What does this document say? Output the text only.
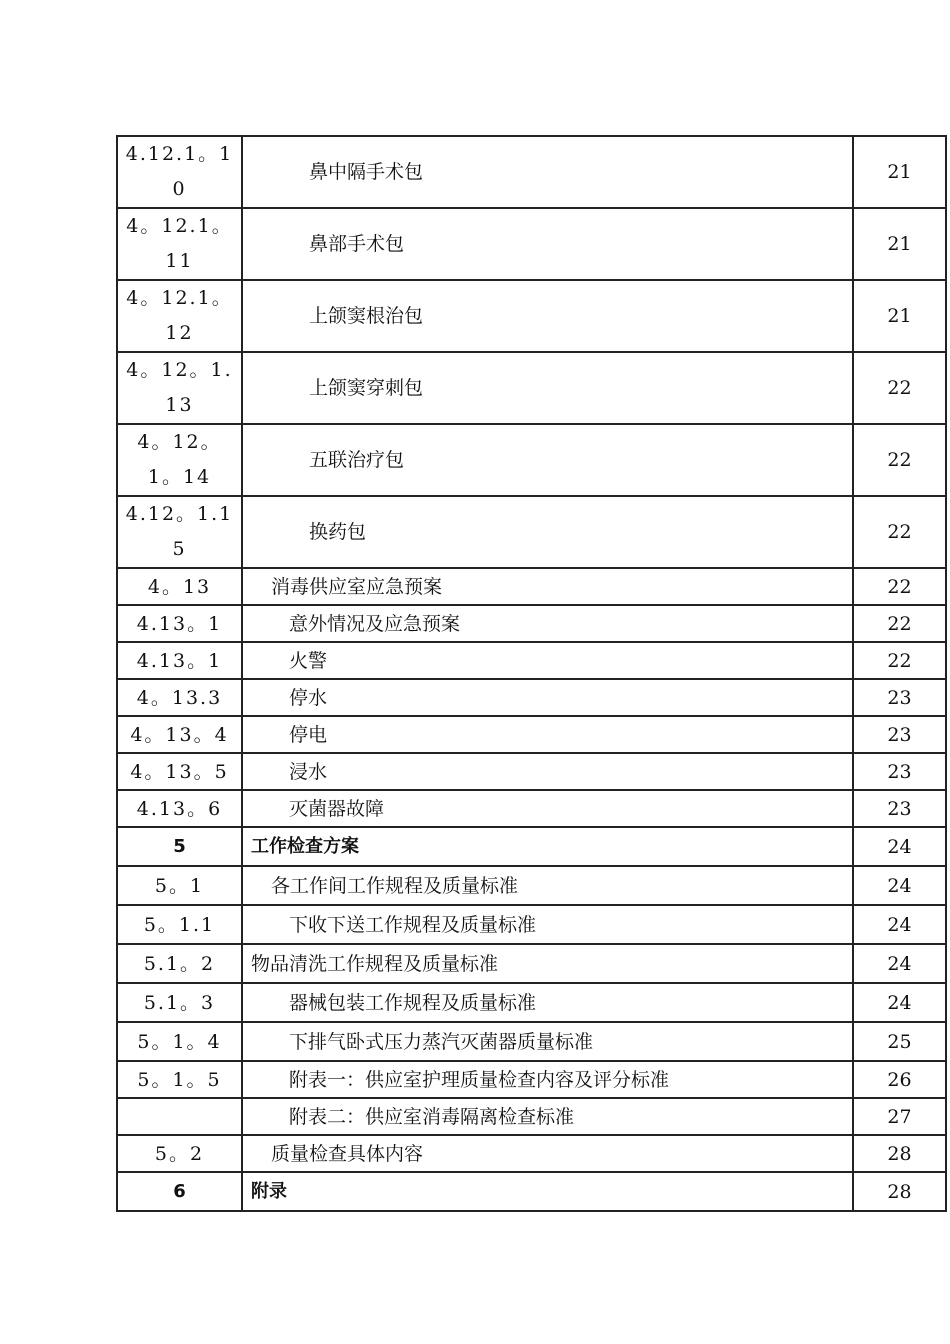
4.12.1。10	鼻中隔手术包	21
4。12.1。11	鼻部手术包	21
4。12.1。12	上颌窦根治包	21
4。12。1.13	上颌窦穿刺包	22
4。12。1。14	五联治疗包	22
4.12。1.15	换药包	22
4。13	消毒供应室应急预案	22
4.13。1	意外情况及应急预案	22
4.13。1	火警	22
4。13.3	停水	23
4。13。4	停电	23
4。13。5	浸水	23
4.13。6	灭菌器故障	23
5	工作检查方案	24
5。1	各工作间工作规程及质量标准	24
5。1.1	下收下送工作规程及质量标准	24
5.1。2	物品清洗工作规程及质量标准	24
5.1。3	器械包装工作规程及质量标准	24
5。1。4	下排气卧式压力蒸汽灭菌器质量标准	25
5。1。5	附表一：供应室护理质量检查内容及评分标准	26
	附表二：供应室消毒隔离检查标准	27
5。2	质量检查具体内容	28
6	附录	28
